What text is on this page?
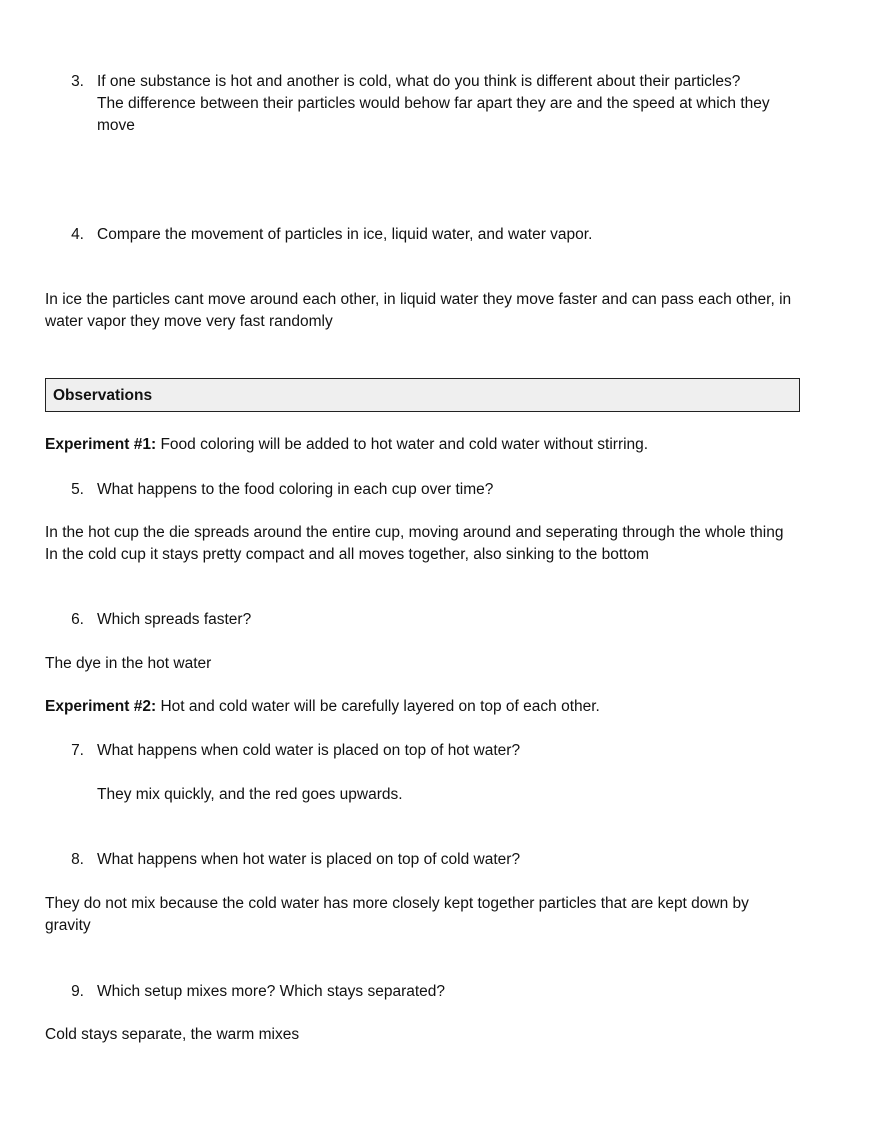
3. If one substance is hot and another is cold, what do you think is different about their particles?
The difference between their particles would behow far apart they are and the speed at which they
move
4. Compare the movement of particles in ice, liquid water, and water vapor.
In ice the particles cant move around each other, in liquid water they move faster and can pass each other, in water vapor they move very fast randomly
Observations
Experiment #1: Food coloring will be added to hot water and cold water without stirring.
5. What happens to the food coloring in each cup over time?
In the hot cup the die spreads around the entire cup, moving around and seperating through the whole thing
In the cold cup it stays pretty compact and all moves together, also sinking to the bottom
6. Which spreads faster?
The dye in the hot water
Experiment #2: Hot and cold water will be carefully layered on top of each other.
7. What happens when cold water is placed on top of hot water?
They mix quickly, and the red goes upwards.
8. What happens when hot water is placed on top of cold water?
They do not mix because the cold water has more closely kept together particles that are kept down by gravity
9. Which setup mixes more? Which stays separated?
Cold stays separate, the warm mixes
